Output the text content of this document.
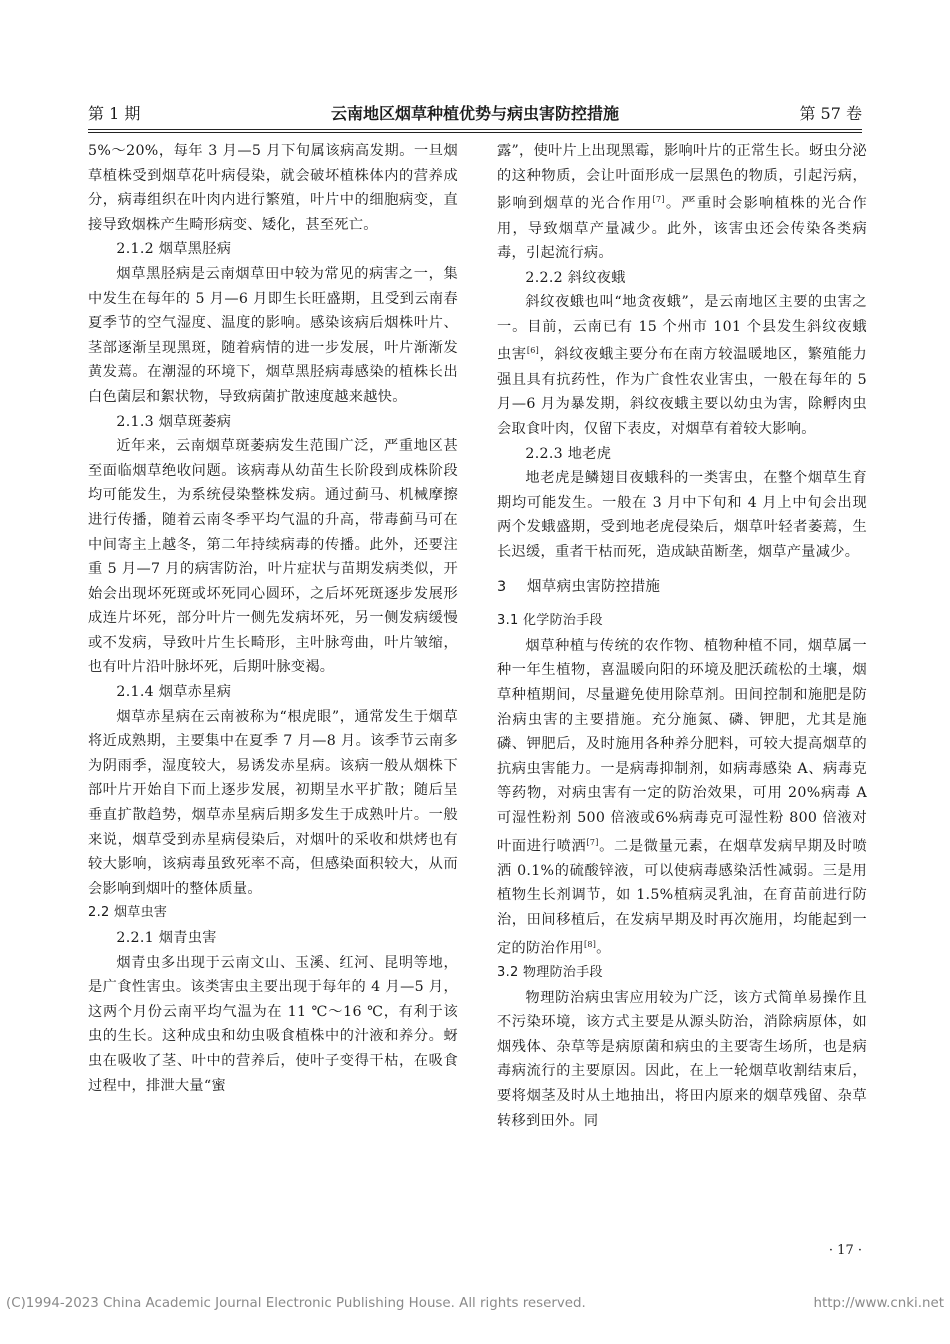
第 1 期	云南地区烟草种植优势与病虫害防控措施	第 57 卷

5%～20%，每年 3 月—5 月下旬属该病高发期。一旦烟草植株受到烟草花叶病侵染，就会破坏植株体内的营养成分，病毒组织在叶肉内进行繁殖，叶片中的细胞病变，直接导致烟株产生畸形病变、矮化，甚至死亡。

2.1.2 烟草黑胫病

烟草黑胫病是云南烟草田中较为常见的病害之一，集中发生在每年的 5 月—6 月即生长旺盛期，且受到云南春夏季节的空气湿度、温度的影响。感染该病后烟株叶片、茎部逐渐呈现黑斑，随着病情的进一步发展，叶片渐渐发黄发蔫。在潮湿的环境下，烟草黑胫病毒感染的植株长出白色菌层和絮状物，导致病菌扩散速度越来越快。

2.1.3 烟草斑萎病

近年来，云南烟草斑萎病发生范围广泛，严重地区甚至面临烟草绝收问题。该病毒从幼苗生长阶段到成株阶段均可能发生，为系统侵染整株发病。通过蓟马、机械摩擦进行传播，随着云南冬季平均气温的升高，带毒蓟马可在中间寄主上越冬，第二年持续病毒的传播。此外，还要注重 5 月—7 月的病害防治，叶片症状与苗期发病类似，开始会出现坏死斑或坏死同心圆环，之后坏死斑逐步发展形成连片坏死，部分叶片一侧先发病坏死，另一侧发病缓慢或不发病，导致叶片生长畸形，主叶脉弯曲，叶片皱缩，也有叶片沿叶脉坏死，后期叶脉变褐。

2.1.4 烟草赤星病

烟草赤星病在云南被称为“根虎眼”，通常发生于烟草将近成熟期，主要集中在夏季 7 月—8 月。该季节云南多为阴雨季，湿度较大，易诱发赤星病。该病一般从烟株下部叶片开始自下而上逐步发展，初期呈水平扩散；随后呈垂直扩散趋势，烟草赤星病后期多发生于成熟叶片。一般来说，烟草受到赤星病侵染后，对烟叶的采收和烘烤也有较大影响，该病毒虽致死率不高，但感染面积较大，从而会影响到烟叶的整体质量。

2.2 烟草虫害
2.2.1 烟青虫害

烟青虫多出现于云南文山、玉溪、红河、昆明等地，是广食性害虫。该类害虫主要出现于每年的 4 月—5 月，这两个月份云南平均气温为在 11 ℃～16 ℃，有利于该虫的生长。这种成虫和幼虫吸食植株中的汁液和养分。蚜虫在吸收了茎、叶中的营养后，使叶子变得干枯，在吸食过程中，排泄大量“蜜

露”，使叶片上出现黑霉，影响叶片的正常生长。蚜虫分泌的这种物质，会让叶面形成一层黑色的物质，引起污病，影响到烟草的光合作用[7]。严重时会影响植株的光合作用，导致烟草产量减少。此外，该害虫还会传染各类病毒，引起流行病。

2.2.2 斜纹夜蛾

斜纹夜蛾也叫“地贪夜蛾”，是云南地区主要的虫害之一。目前，云南已有 15 个州市 101 个县发生斜纹夜蛾虫害[6]，斜纹夜蛾主要分布在南方较温暖地区，繁殖能力强且具有抗药性，作为广食性农业害虫，一般在每年的 5 月—6 月为暴发期，斜纹夜蛾主要以幼虫为害，除孵肉虫会取食叶肉，仅留下表皮，对烟草有着较大影响。

2.2.3 地老虎

地老虎是鳞翅目夜蛾科的一类害虫，在整个烟草生育期均可能发生。一般在 3 月中下旬和 4 月上中旬会出现两个发蛾盛期，受到地老虎侵染后，烟草叶轻者萎蔫，生长迟缓，重者干枯而死，造成缺苗断垄，烟草产量减少。

3 烟草病虫害防控措施
3.1 化学防治手段

烟草种植与传统的农作物、植物种植不同，烟草属一种一年生植物，喜温暖向阳的环境及肥沃疏松的土壤，烟草种植期间，尽量避免使用除草剂。田间控制和施肥是防治病虫害的主要措施。充分施氮、磷、钾肥，尤其是施磷、钾肥后，及时施用各种养分肥料，可较大提高烟草的抗病虫害能力。一是病毒抑制剂，如病毒感染 A、病毒克等药物，对病虫害有一定的防治效果，可用 20%病毒 A 可湿性粉剂 500 倍液或6%病毒克可湿性粉 800 倍液对叶面进行喷洒[7]。二是微量元素，在烟草发病早期及时喷洒 0.1%的硫酸锌液，可以使病毒感染活性减弱。三是用植物生长剂调节，如 1.5%植病灵乳油，在育苗前进行防治，田间移植后，在发病早期及时再次施用，均能起到一定的防治作用[8]。

3.2 物理防治手段

物理防治病虫害应用较为广泛，该方式简单易操作且不污染环境，该方式主要是从源头防治，消除病原体，如烟残体、杂草等是病原菌和病虫的主要寄生场所，也是病毒病流行的主要原因。因此，在上一轮烟草收割结束后，要将烟茎及时从土地抽出，将田内原来的烟草残留、杂草转移到田外。同

· 17 ·
(C)1994-2023 China Academic Journal Electronic Publishing House. All rights reserved.	http://www.cnki.net
